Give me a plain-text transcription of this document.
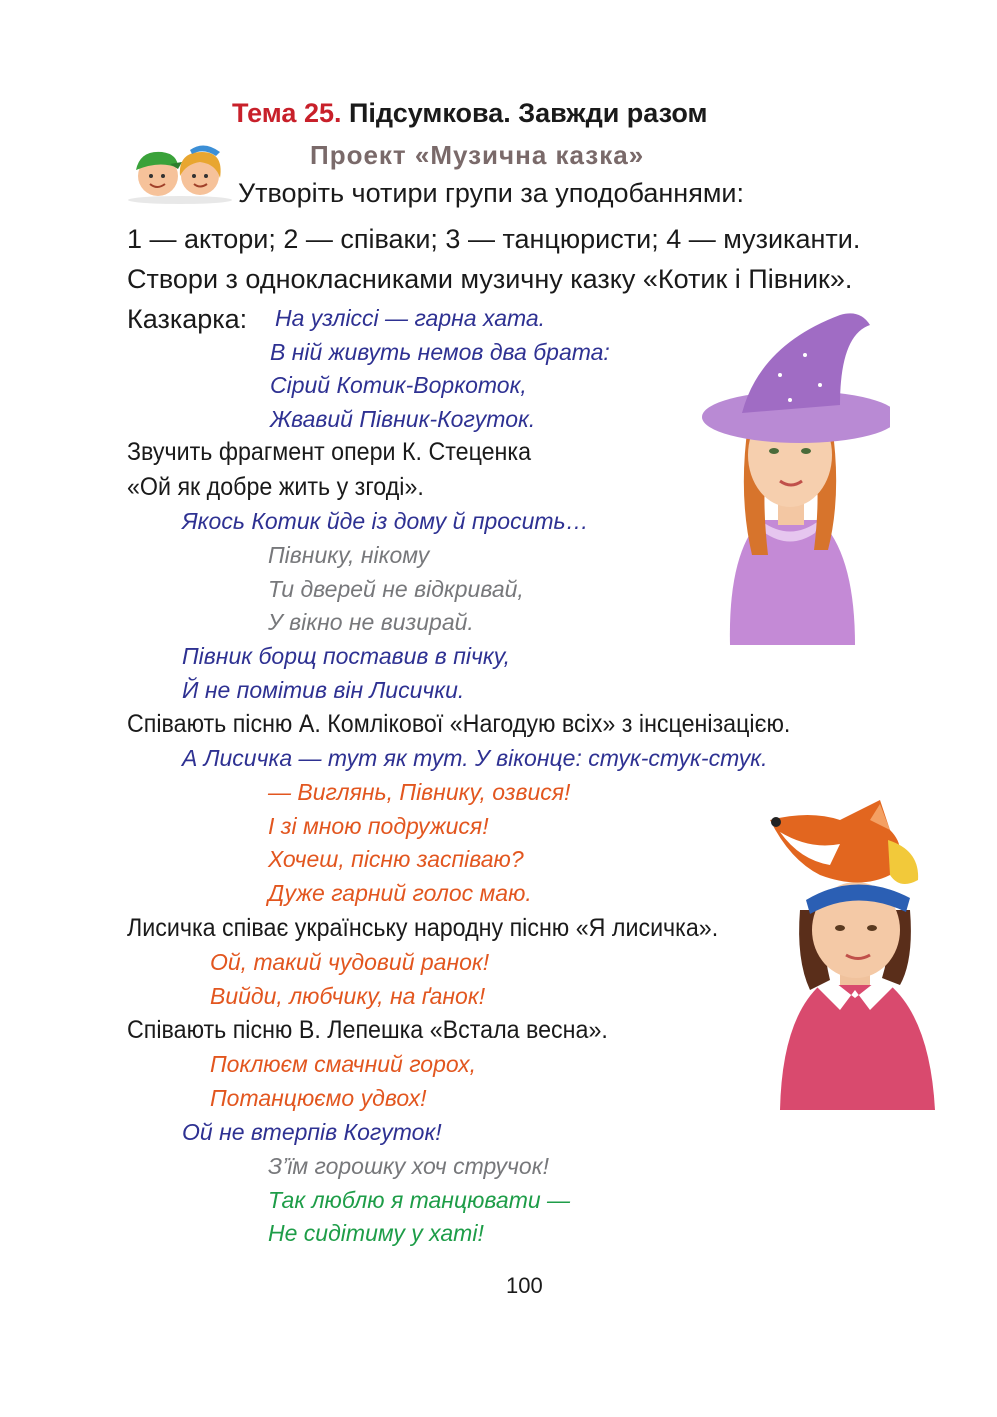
Тема 25. Підсумкова. Завжди разом
Проект «Музична казка»
Утворіть чотири групи за уподобаннями:
1 — актори; 2 — співаки; 3 — танцюристи; 4 — музиканти.
Створи з однокласниками музичну казку «Котик і Півник».
Казкарка: На узліссі — гарна хата.
В ній живуть немов два брата:
Сірий Котик-Воркоток,
Жвавий Півник-Когуток.
Звучить фрагмент опери К. Стеценка
«Ой як добре жить у згоді».
Якось Котик йде із дому й просить…
Півнику, нікому
Ти дверей не відкривай,
У вікно не визирай.
Півник борщ поставив в пічку,
Й не помітив він Лисички.
Співають пісню А. Комлікової «Нагодую всіх» з інсценізацією.
А Лисичка — тут як тут. У віконце: стук-стук-стук.
— Виглянь, Півнику, озвися!
І зі мною подружися!
Хочеш, пісню заспіваю?
Дуже гарний голос маю.
Лисичка співає українську народну пісню «Я лисичка».
Ой, такий чудовий ранок!
Вийди, любчику, на ґанок!
Співають пісню В. Лепешка «Встала весна».
Поклюєм смачний горох,
Потанцюємо удвох!
Ой не втерпів Когуток!
З’їм горошку хоч стручок!
Так люблю я танцювати —
Не сидітиму у хаті!
100
